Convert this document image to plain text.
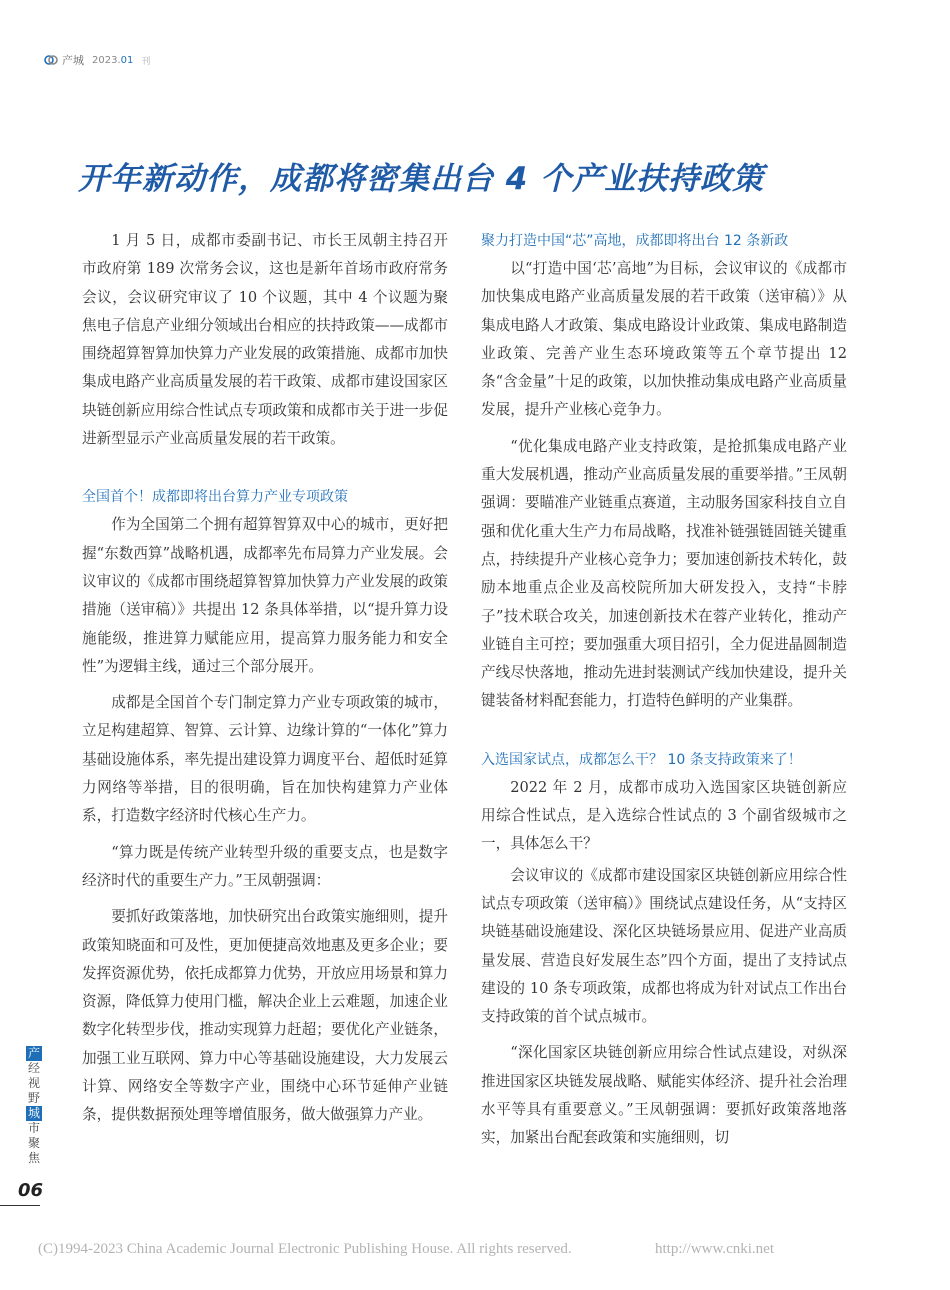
产城 2023.01 刊
开年新动作，成都将密集出台 4 个产业扶持政策

1 月 5 日，成都市委副书记、市长王凤朝主持召开市政府第 189 次常务会议，这也是新年首场市政府常务会议，会议研究审议了 10 个议题，其中 4 个议题为聚焦电子信息产业细分领域出台相应的扶持政策——成都市围绕超算智算加快算力产业发展的政策措施、成都市加快集成电路产业高质量发展的若干政策、成都市建设国家区块链创新应用综合性试点专项政策和成都市关于进一步促进新型显示产业高质量发展的若干政策。

全国首个！成都即将出台算力产业专项政策

作为全国第二个拥有超算智算双中心的城市，更好把握“东数西算”战略机遇，成都率先布局算力产业发展。会议审议的《成都市围绕超算智算加快算力产业发展的政策措施（送审稿）》共提出 12 条具体举措，以“提升算力设施能级，推进算力赋能应用，提高算力服务能力和安全性”为逻辑主线，通过三个部分展开。

成都是全国首个专门制定算力产业专项政策的城市，立足构建超算、智算、云计算、边缘计算的“一体化”算力基础设施体系，率先提出建设算力调度平台、超低时延算力网络等举措，目的很明确，旨在加快构建算力产业体系，打造数字经济时代核心生产力。

“算力既是传统产业转型升级的重要支点，也是数字经济时代的重要生产力。”王凤朝强调：

要抓好政策落地，加快研究出台政策实施细则，提升政策知晓面和可及性，更加便捷高效地惠及更多企业；要发挥资源优势，依托成都算力优势，开放应用场景和算力资源，降低算力使用门槛，解决企业上云难题，加速企业数字化转型步伐，推动实现算力赶超；要优化产业链条，加强工业互联网、算力中心等基础设施建设，大力发展云计算、网络安全等数字产业，围绕中心环节延伸产业链条，提供数据预处理等增值服务，做大做强算力产业。

聚力打造中国“芯”高地，成都即将出台 12 条新政

以“打造中国‘芯’高地”为目标，会议审议的《成都市加快集成电路产业高质量发展的若干政策（送审稿）》从集成电路人才政策、集成电路设计业政策、集成电路制造业政策、完善产业生态环境政策等五个章节提出 12 条“含金量”十足的政策，以加快推动集成电路产业高质量发展，提升产业核心竞争力。

“优化集成电路产业支持政策，是抢抓集成电路产业重大发展机遇，推动产业高质量发展的重要举措。”王凤朝强调：要瞄准产业链重点赛道，主动服务国家科技自立自强和优化重大生产力布局战略，找准补链强链固链关键重点，持续提升产业核心竞争力；要加速创新技术转化，鼓励本地重点企业及高校院所加大研发投入，支持“卡脖子”技术联合攻关，加速创新技术在蓉产业转化，推动产业链自主可控；要加强重大项目招引，全力促进晶圆制造产线尽快落地，推动先进封装测试产线加快建设，提升关键装备材料配套能力，打造特色鲜明的产业集群。

入选国家试点，成都怎么干？ 10 条支持政策来了！

2022 年 2 月，成都市成功入选国家区块链创新应用综合性试点，是入选综合性试点的 3 个副省级城市之一，具体怎么干？

会议审议的《成都市建设国家区块链创新应用综合性试点专项政策（送审稿）》围绕试点建设任务，从“支持区块链基础设施建设、深化区块链场景应用、促进产业高质量发展、营造良好发展生态”四个方面，提出了支持试点建设的 10 条专项政策，成都也将成为针对试点工作出台支持政策的首个试点城市。

“深化国家区块链创新应用综合性试点建设，对纵深推进国家区块链发展战略、赋能实体经济、提升社会治理水平等具有重要意义。”王凤朝强调：要抓好政策落地落实，加紧出台配套政策和实施细则，切

产
经
视
野
城
市
聚
焦
06
(C)1994-2023 China Academic Journal Electronic Publishing House. All rights reserved.	http://www.cnki.net
